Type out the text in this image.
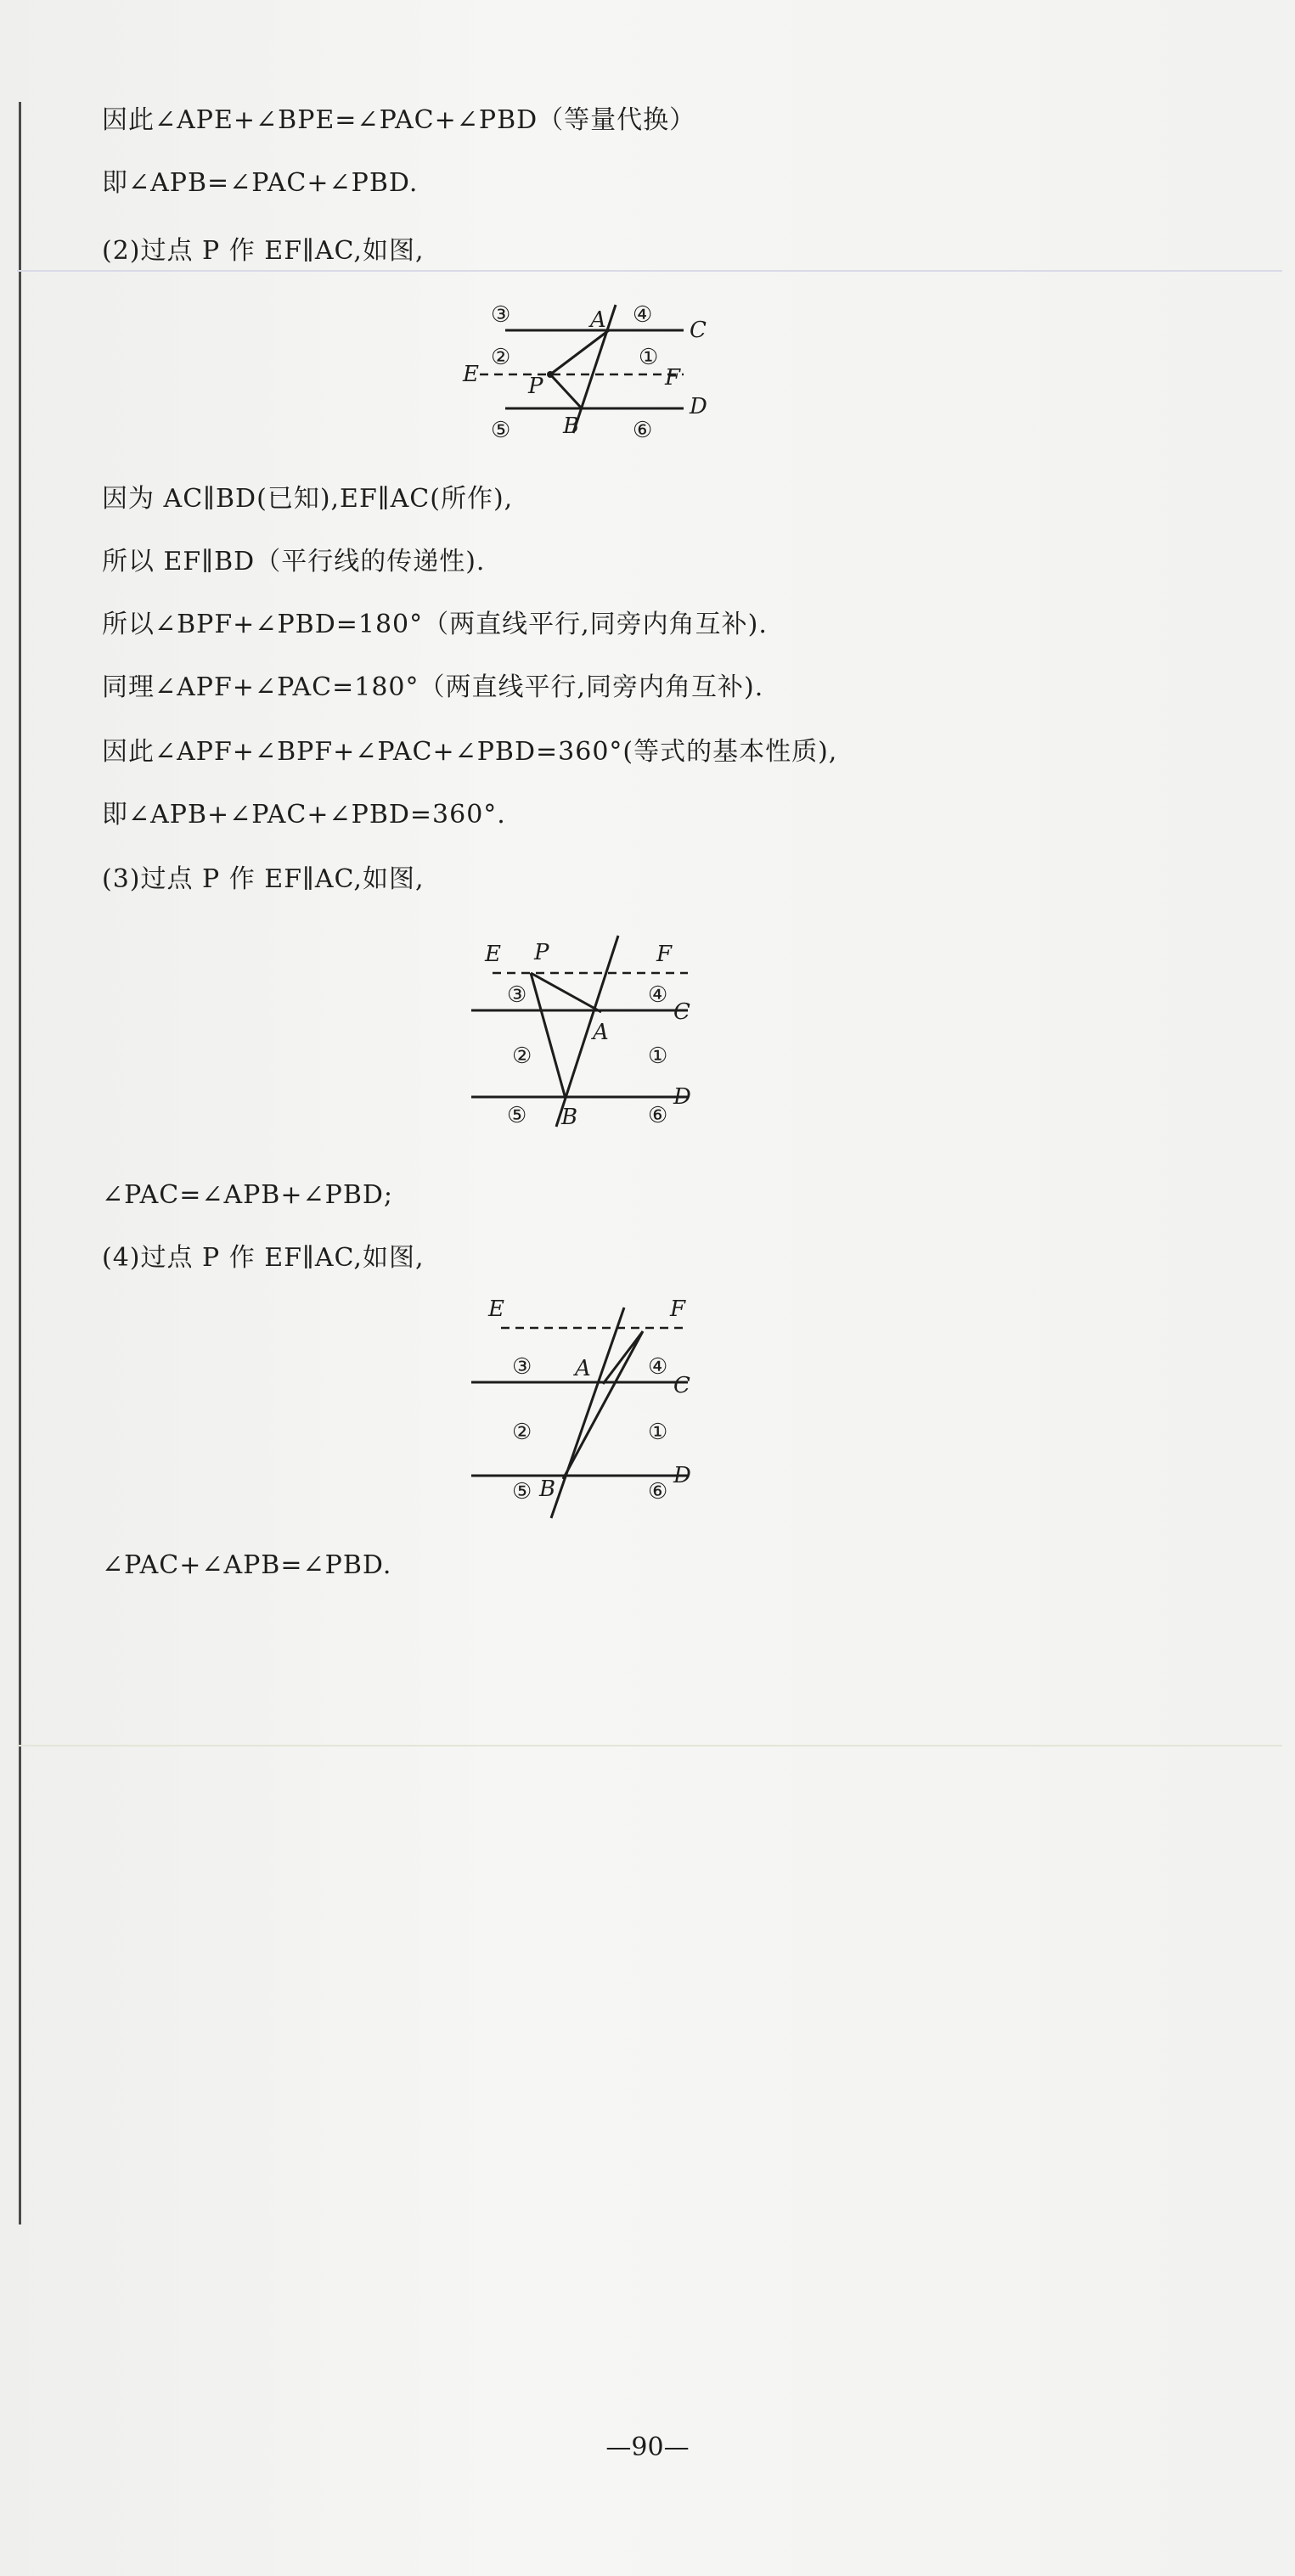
因此∠APE+∠BPE=∠PAC+∠PBD（等量代换）
即∠APB=∠PAC+∠PBD.
(2)过点 P 作 EF∥AC,如图,
A
B
C
D
E	F
P
①
②
③	④
⑤	⑥
因为 AC∥BD(已知),EF∥AC(所作),
所以 EF∥BD（平行线的传递性).
所以∠BPF+∠PBD=180°（两直线平行,同旁内角互补).
同理∠APF+∠PAC=180°（两直线平行,同旁内角互补).
因此∠APF+∠BPF+∠PAC+∠PBD=360°(等式的基本性质),
即∠APB+∠PAC+∠PBD=360°.
(3)过点 P 作 EF∥AC,如图,
A
B
C
D
E	F
P
①
②
③	④
⑤	⑥
∠PAC=∠APB+∠PBD;
(4)过点 P 作 EF∥AC,如图,
A
B
C
D
E	F
①
②
③	④
⑤	⑥
∠PAC+∠APB=∠PBD.
—90—
